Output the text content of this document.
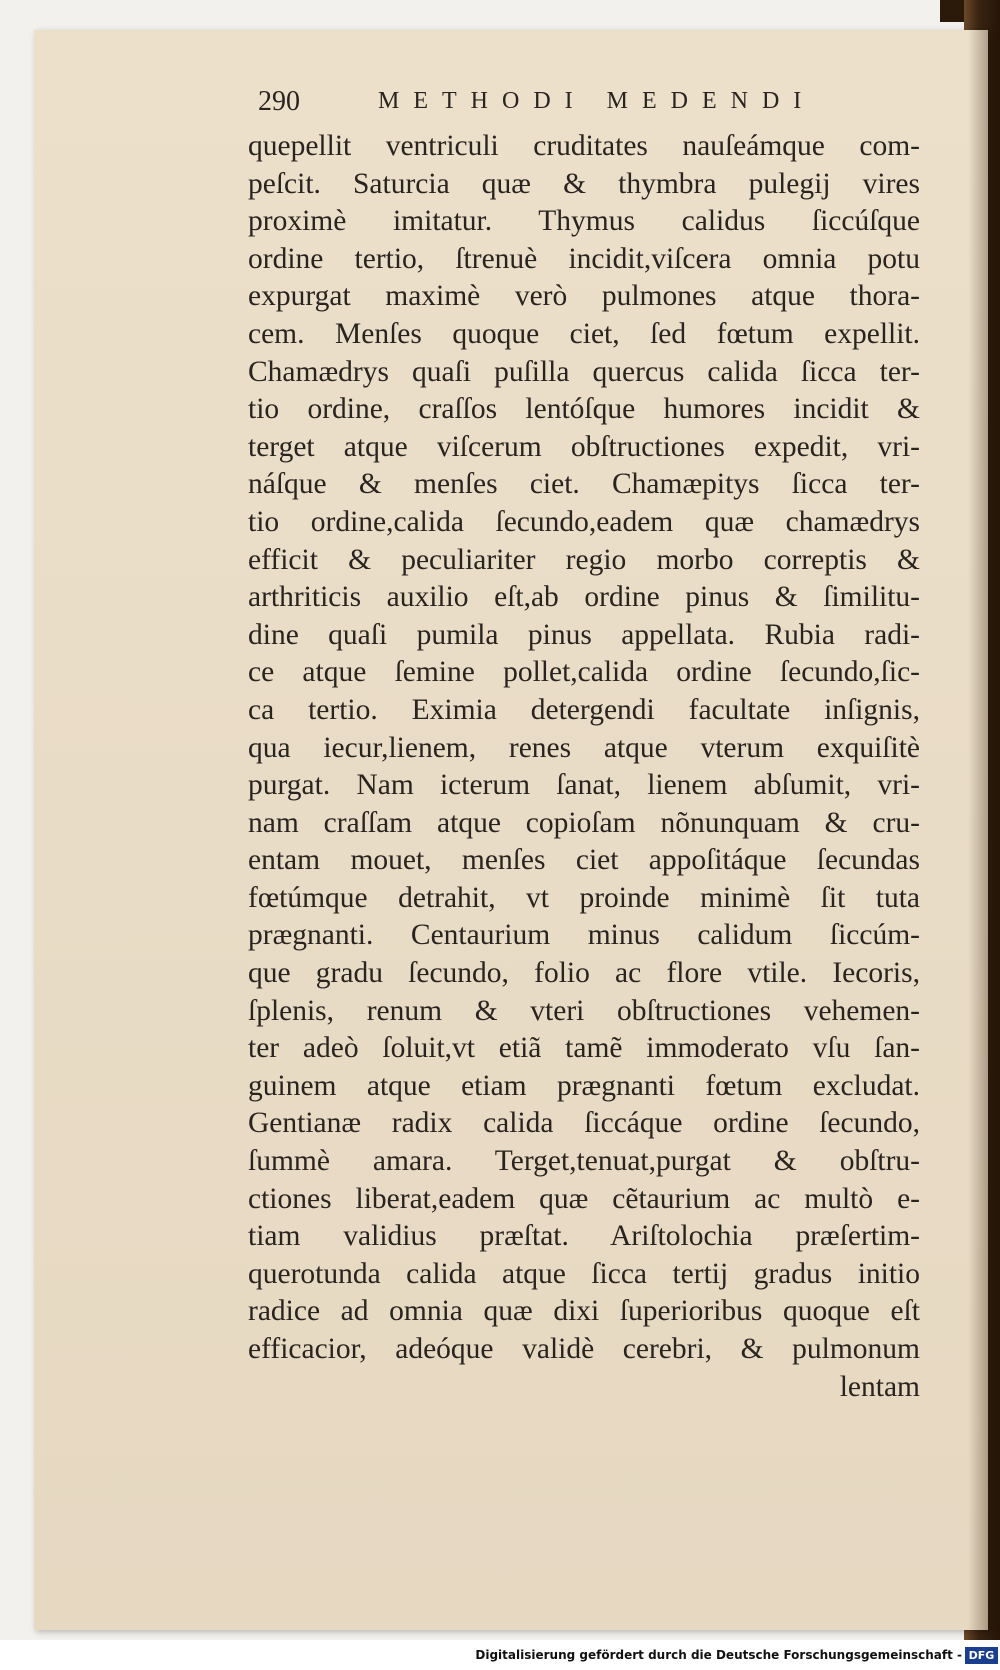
290	METHODI MEDENDI
quepellit ventriculi cruditates nauſeámque com-
peſcit. Saturcia quæ & thymbra pulegij vires
proximè imitatur. Thymus calidus ſiccúſque
ordine tertio, ſtrenuè incidit,viſcera omnia potu
expurgat maximè verò pulmones atque thora-
cem. Menſes quoque ciet, ſed fœtum expellit.
Chamædrys quaſi puſilla quercus calida ſicca ter-
tio ordine, craſſos lentóſque humores incidit &
terget atque viſcerum obſtructiones expedit, vri-
náſque & menſes ciet. Chamæpitys ſicca ter-
tio ordine,calida ſecundo,eadem quæ chamædrys
efficit & peculiariter regio morbo correptis &
arthriticis auxilio eſt,ab ordine pinus & ſimilitu-
dine quaſi pumila pinus appellata. Rubia radi-
ce atque ſemine pollet,calida ordine ſecundo,ſic-
ca tertio. Eximia detergendi facultate inſignis,
qua iecur,lienem, renes atque vterum exquiſitè
purgat. Nam icterum ſanat, lienem abſumit, vri-
nam craſſam atque copioſam nõnunquam & cru-
entam mouet, menſes ciet appoſitáque ſecundas
fœtúmque detrahit, vt proinde minimè ſit tuta
prægnanti. Centaurium minus calidum ſiccúm-
que gradu ſecundo, folio ac flore vtile. Iecoris,
ſplenis, renum & vteri obſtructiones vehemen-
ter adeò ſoluit,vt etiã tamẽ immoderato vſu ſan-
guinem atque etiam prægnanti fœtum excludat.
Gentianæ radix calida ſiccáque ordine ſecundo,
ſummè amara. Terget,tenuat,purgat & obſtru-
ctiones liberat,eadem quæ cẽtaurium ac multò e-
tiam validius prӕſtat. Ariſtolochia præſertim-
querotunda calida atque ſicca tertij gradus initio
radice ad omnia quæ dixi ſuperioribus quoque eſt
efficacior, adeóque validè cerebri, & pulmonum
lentam
Digitalisierung gefördert durch die Deutsche Forschungsgemeinschaft - DFG
